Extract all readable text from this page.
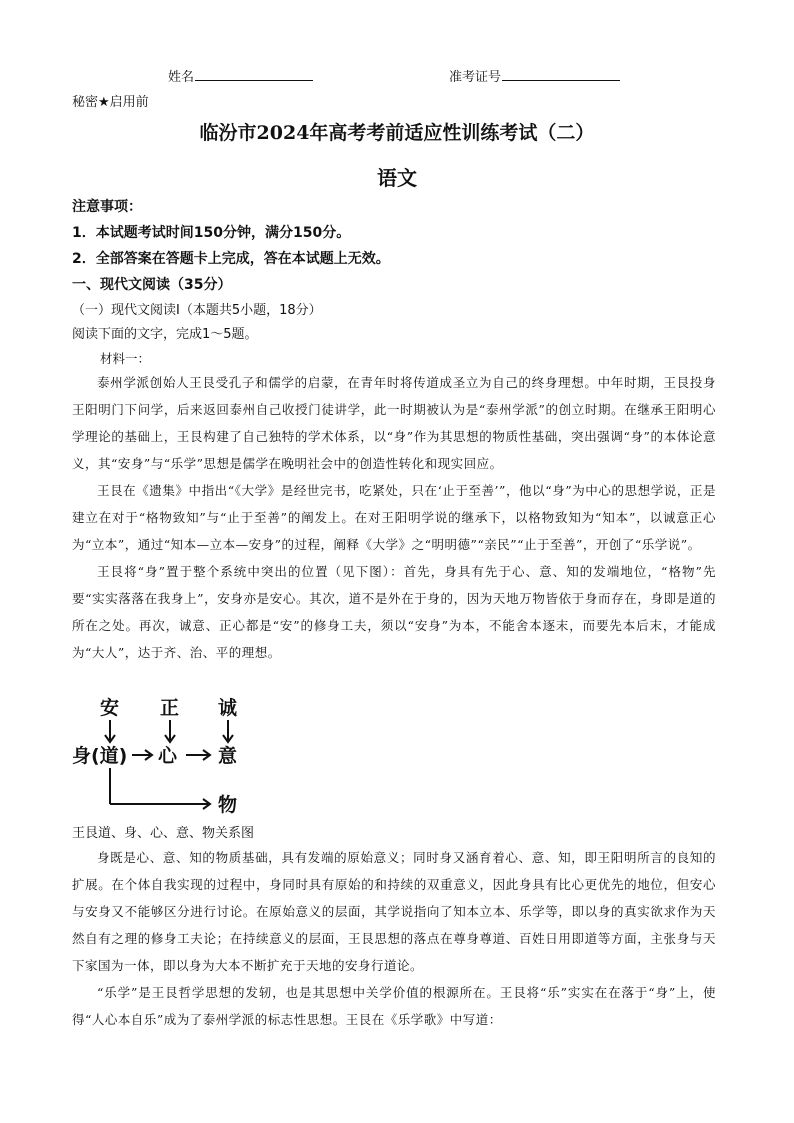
姓名	准考证号
秘密★启用前
临汾市2024年高考考前适应性训练考试（二）
语文
注意事项：
1．本试题考试时间150分钟，满分150分。
2．全部答案在答题卡上完成，答在本试题上无效。
一、现代文阅读（35分）
（一）现代文阅读Ⅰ（本题共5小题，18分）
阅读下面的文字，完成1～5题。
材料一：

泰州学派创始人王艮受孔子和儒学的启蒙，在青年时将传道成圣立为自己的终身理想。中年时期，王艮投身王阳明门下问学，后来返回泰州自己收授门徒讲学，此一时期被认为是“泰州学派”的创立时期。在继承王阳明心学理论的基础上，王艮构建了自己独特的学术体系，以“身”作为其思想的物质性基础，突出强调“身”的本体论意义，其“安身”与“乐学”思想是儒学在晚明社会中的创造性转化和现实回应。

王艮在《遗集》中指出“《大学》是经世完书，吃紧处，只在‘止于至善’”，他以“身”为中心的思想学说，正是建立在对于“格物致知”与“止于至善”的阐发上。在对王阳明学说的继承下，以格物致知为“知本”，以诚意正心为“立本”，通过“知本—立本—安身”的过程，阐释《大学》之“明明德”“亲民”“止于至善”，开创了“乐学说”。

王艮将“身”置于整个系统中突出的位置（见下图）：首先，身具有先于心、意、知的发端地位，“格物”先要“实实落落在我身上”，安身亦是安心。其次，道不是外在于身的，因为天地万物皆依于身而存在，身即是道的所在之处。再次，诚意、正心都是“安”的修身工夫，须以“安身”为本，不能舍本逐末，而要先本后末，才能成为“大人”，达于齐、治、平的理想。

安 正 诚
身(道) 心 意
物
王艮道、身、心、意、物关系图

身既是心、意、知的物质基础，具有发端的原始意义；同时身又涵育着心、意、知，即王阳明所言的良知的扩展。在个体自我实现的过程中，身同时具有原始的和持续的双重意义，因此身具有比心更优先的地位，但安心与安身又不能够区分进行讨论。在原始意义的层面，其学说指向了知本立本、乐学等，即以身的真实欲求作为天然自有之理的修身工夫论；在持续意义的层面，王艮思想的落点在尊身尊道、百姓日用即道等方面，主张身与天下家国为一体，即以身为大本不断扩充于天地的安身行道论。

“乐学”是王艮哲学思想的发轫，也是其思想中关学价值的根源所在。王艮将“乐”实实在在落于“身”上，使得“人心本自乐”成为了泰州学派的标志性思想。王艮在《乐学歌》中写道：
